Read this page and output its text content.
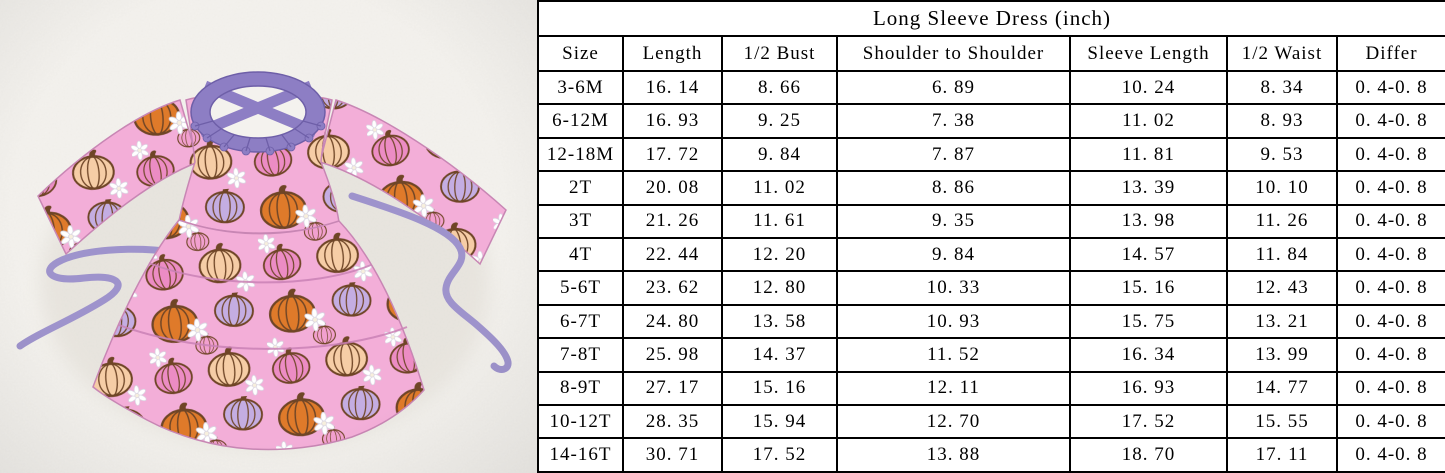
Long Sleeve Dress (inch)						
Size	Length	1/2 Bust	Shoulder to Shoulder	Sleeve Length	1/2 Waist	Differ
3-6M	16. 14	8. 66	6. 89	10. 24	8. 34	0. 4-0. 8
6-12M	16. 93	9. 25	7. 38	11. 02	8. 93	0. 4-0. 8
12-18M	17. 72	9. 84	7. 87	11. 81	9. 53	0. 4-0. 8
2T	20. 08	11. 02	8. 86	13. 39	10. 10	0. 4-0. 8
3T	21. 26	11. 61	9. 35	13. 98	11. 26	0. 4-0. 8
4T	22. 44	12. 20	9. 84	14. 57	11. 84	0. 4-0. 8
5-6T	23. 62	12. 80	10. 33	15. 16	12. 43	0. 4-0. 8
6-7T	24. 80	13. 58	10. 93	15. 75	13. 21	0. 4-0. 8
7-8T	25. 98	14. 37	11. 52	16. 34	13. 99	0. 4-0. 8
8-9T	27. 17	15. 16	12. 11	16. 93	14. 77	0. 4-0. 8
10-12T	28. 35	15. 94	12. 70	17. 52	15. 55	0. 4-0. 8
14-16T	30. 71	17. 52	13. 88	18. 70	17. 11	0. 4-0. 8
